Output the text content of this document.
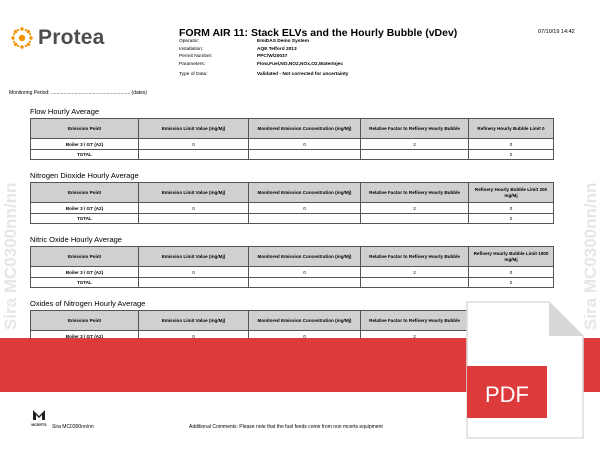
Protea	FORM AIR 11: Stack ELVs and the Hourly Bubble (vDev)	07/10/19 14:42
Operator:	EmiDAS Demo System
Installation:	AQE Telford 2013
Permit Number:	PPC/W/20037
Parameters:	Flow,Fuel,NO,NO2,NOx,O2,WaterInjec
Type of Data:	Validated - Not corrected for uncertainty
Monitoring Period: ......................................................... (dates)
Sira MC0300nn/nn	Sira MC0300nn/nn
Flow Hourly Average
Emission Point	Emission Limit Value (mg/Mj)	Monitored Emission Concentration (mg/Mj)	Relative Factor to Refinery Hourly Bubble	Refinery Hourly Bubble Limit 0
Boiler 3 / GT (A2)	0	0	2	0
TOTAL				0
Nitrogen Dioxide Hourly Average
Emission Point	Emission Limit Value (mg/Mj)	Monitored Emission Concentration (mg/Mj)	Relative Factor to Refinery Hourly Bubble	Refinery Hourly Bubble Limit 200 mg/Mj
Boiler 3 / GT (A2)	0	0	2	0
TOTAL				0
Nitric Oxide Hourly Average
Emission Point	Emission Limit Value (mg/Mj)	Monitored Emission Concentration (mg/Mj)	Relative Factor to Refinery Hourly Bubble	Refinery Hourly Bubble Limit 1000 mg/Mj
Boiler 3 / GT (A2)	0	0	2	0
TOTAL				0
Oxides of Nitrogen Hourly Average
Emission Point	Emission Limit Value (mg/Mj)	Monitored Emission Concentration (mg/Mj)	Relative Factor to Refinery Hourly Bubble	
Boiler 3 / GT (A2)	0	0	2	
PDF
MCERTS Sira MC0300nn/nn	Additional Comments: Please note that the fuel feeds come from non mcerts equipment
